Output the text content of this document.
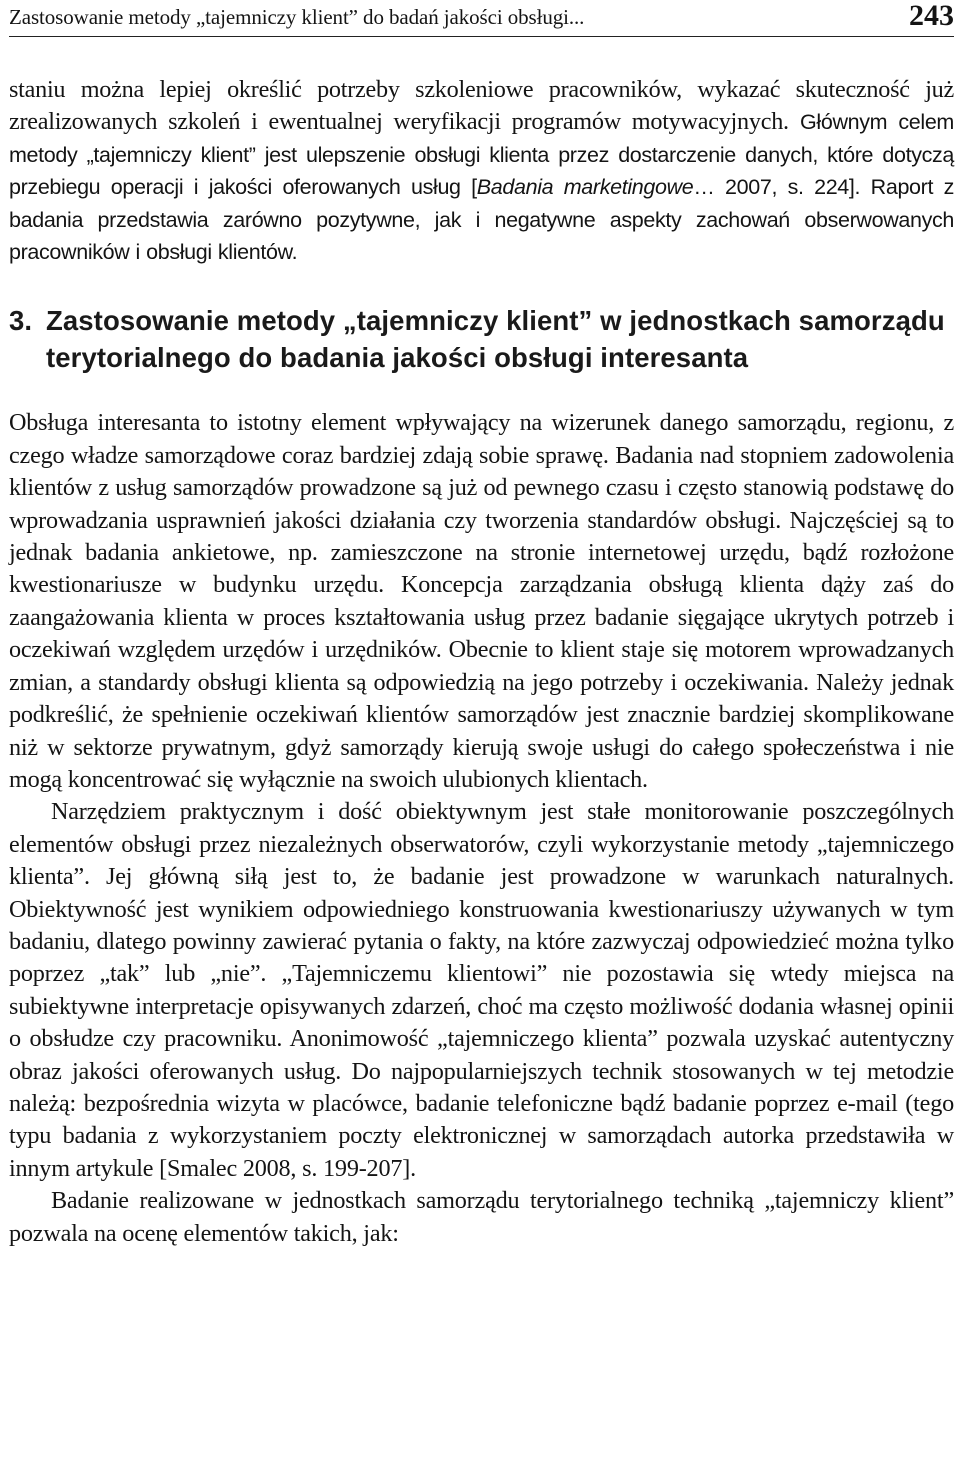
Zastosowanie metody „tajemniczy klient” do badań jakości obsługi...	243

staniu można lepiej określić potrzeby szkoleniowe pracowników, wykazać skuteczność już zrealizowanych szkoleń i ewentualnej weryfikacji programów motywacyjnych. Głównym celem metody „tajemniczy klient” jest ulepszenie obsługi klienta przez dostarczenie danych, które dotyczą przebiegu operacji i jakości oferowanych usług [Badania marketingowe… 2007, s. 224]. Raport z badania przedstawia zarówno pozytywne, jak i negatywne aspekty zachowań obserwowanych pracowników i obsługi klientów.

3. Zastosowanie metody „tajemniczy klient” w jednostkach samorządu terytorialnego do badania jakości obsługi interesanta

Obsługa interesanta to istotny element wpływający na wizerunek danego samorządu, regionu, z czego władze samorządowe coraz bardziej zdają sobie sprawę. Badania nad stopniem zadowolenia klientów z usług samorządów prowadzone są już od pewnego czasu i często stanowią podstawę do wprowadzania usprawnień jakości działania czy tworzenia standardów obsługi. Najczęściej są to jednak badania ankietowe, np. zamieszczone na stronie internetowej urzędu, bądź rozłożone kwestionariusze w budynku urzędu. Koncepcja zarządzania obsługą klienta dąży zaś do zaangażowania klienta w proces kształtowania usług przez badanie sięgające ukrytych potrzeb i oczekiwań względem urzędów i urzędników. Obecnie to klient staje się motorem wprowadzanych zmian, a standardy obsługi klienta są odpowiedzią na jego potrzeby i oczekiwania. Należy jednak podkreślić, że spełnienie oczekiwań klientów samorządów jest znacznie bardziej skomplikowane niż w sektorze prywatnym, gdyż samorządy kierują swoje usługi do całego społeczeństwa i nie mogą koncentrować się wyłącznie na swoich ulubionych klientach.

Narzędziem praktycznym i dość obiektywnym jest stałe monitorowanie poszczególnych elementów obsługi przez niezależnych obserwatorów, czyli wykorzystanie metody „tajemniczego klienta”. Jej główną siłą jest to, że badanie jest prowadzone w warunkach naturalnych. Obiektywność jest wynikiem odpowiedniego konstruowania kwestionariuszy używanych w tym badaniu, dlatego powinny zawierać pytania o fakty, na które zazwyczaj odpowiedzieć można tylko poprzez „tak” lub „nie”. „Tajemniczemu klientowi” nie pozostawia się wtedy miejsca na subiektywne interpretacje opisywanych zdarzeń, choć ma często możliwość dodania własnej opinii o obsłudze czy pracowniku. Anonimowość „tajemniczego klienta” pozwala uzyskać autentyczny obraz jakości oferowanych usług. Do najpopularniejszych technik stosowanych w tej metodzie należą: bezpośrednia wizyta w placówce, badanie telefoniczne bądź badanie poprzez e-mail (tego typu badania z wykorzystaniem poczty elektronicznej w samorządach autorka przedstawiła w innym artykule [Smalec 2008, s. 199-207].

Badanie realizowane w jednostkach samorządu terytorialnego techniką „tajemniczy klient” pozwala na ocenę elementów takich, jak:
